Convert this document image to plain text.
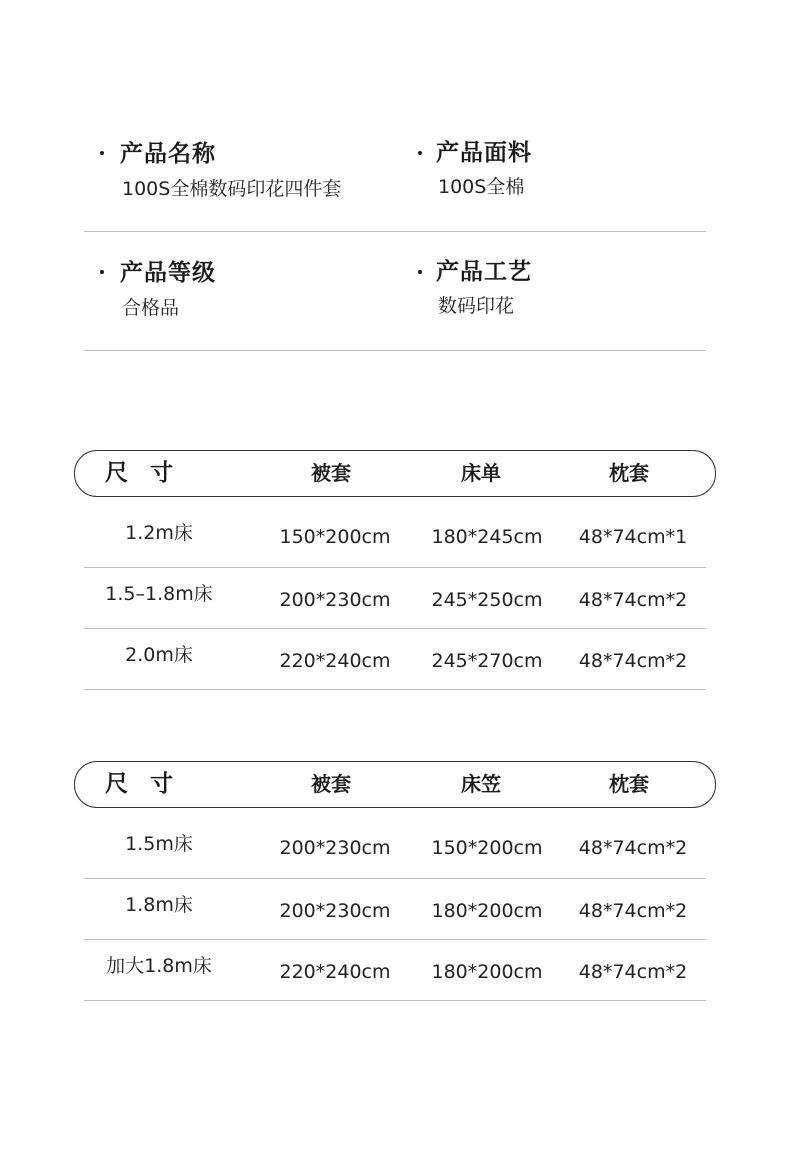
产品名称
100S全棉数码印花四件套
产品面料
100S全棉
产品等级
合格品
产品工艺
数码印花
尺寸	被套	床单	枕套
1.2m床	150*200cm	180*245cm	48*74cm*1
1.5–1.8m床	200*230cm	245*250cm	48*74cm*2
2.0m床	220*240cm	245*270cm	48*74cm*2
尺寸	被套	床笠	枕套
1.5m床	200*230cm	150*200cm	48*74cm*2
1.8m床	200*230cm	180*200cm	48*74cm*2
加大1.8m床	220*240cm	180*200cm	48*74cm*2
